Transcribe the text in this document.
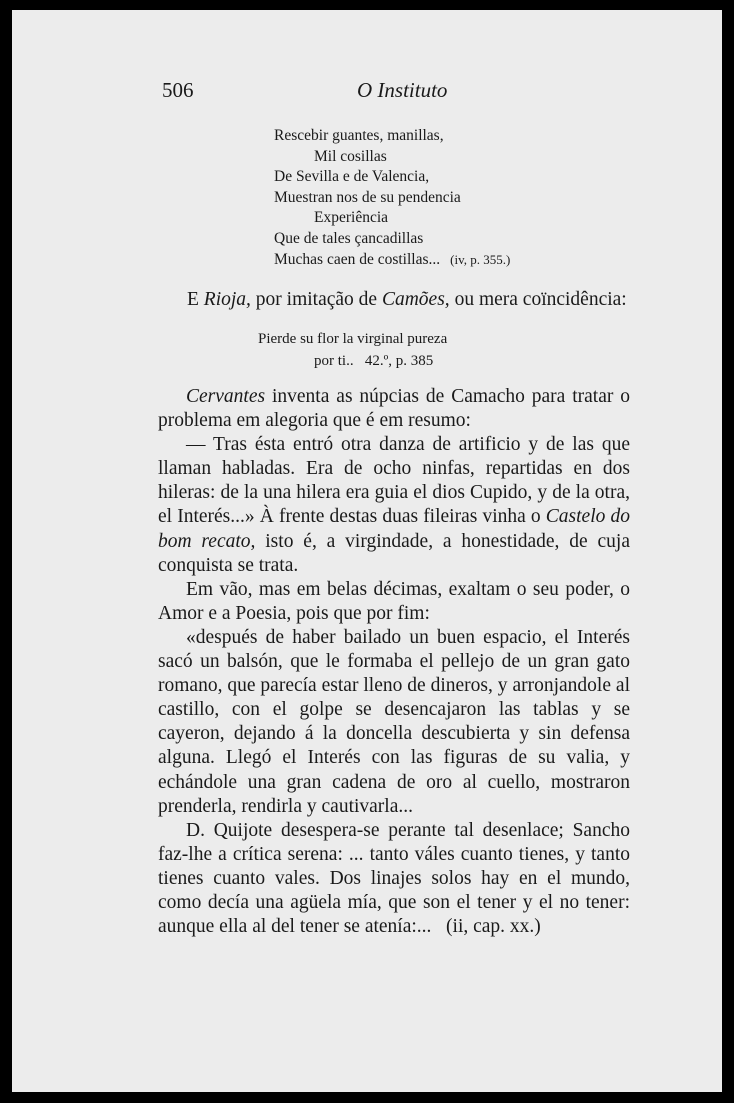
506	O Instituto
Rescebir guantes, manillas,
Mil cosillas
De Sevilla e de Valencia,
Muestran nos de su pendencia
Experiência
Que de tales çancadillas
Muchas caen de costillas... (iv, p. 355.)
E Rioja, por imitação de Camões, ou mera coïncidência:
Pierde su flor la virginal pureza
por ti.. 42.º, p. 385

Cervantes inventa as núpcias de Camacho para tratar o problema em alegoria que é em resumo:

— Tras ésta entró otra danza de artificio y de las que llaman habladas. Era de ocho ninfas, repartidas en dos hileras: de la una hilera era guia el dios Cupido, y de la otra, el Interés...» À frente destas duas fileiras vinha o Castelo do bom recato, isto é, a virgindade, a honestidade, de cuja conquista se trata.

Em vão, mas em belas décimas, exaltam o seu poder, o Amor e a Poesia, pois que por fim:

«después de haber bailado un buen espacio, el Interés sacó un balsón, que le formaba el pellejo de un gran gato romano, que parecía estar lleno de dineros, y arronjandole al castillo, con el golpe se desencajaron las tablas y se cayeron, dejando á la doncella descubierta y sin defensa alguna. Llegó el Interés con las figuras de su valia, y echándole una gran cadena de oro al cuello, mostraron prenderla, rendirla y cautivarla...

D. Quijote desespera-se perante tal desenlace; Sancho faz-lhe a crítica serena: ... tanto váles cuanto tienes, y tanto tienes cuanto vales. Dos linajes solos hay en el mundo, como decía una agüela mía, que son el tener y el no tener: aunque ella al del tener se atenía:... (ii, cap. xx.)
